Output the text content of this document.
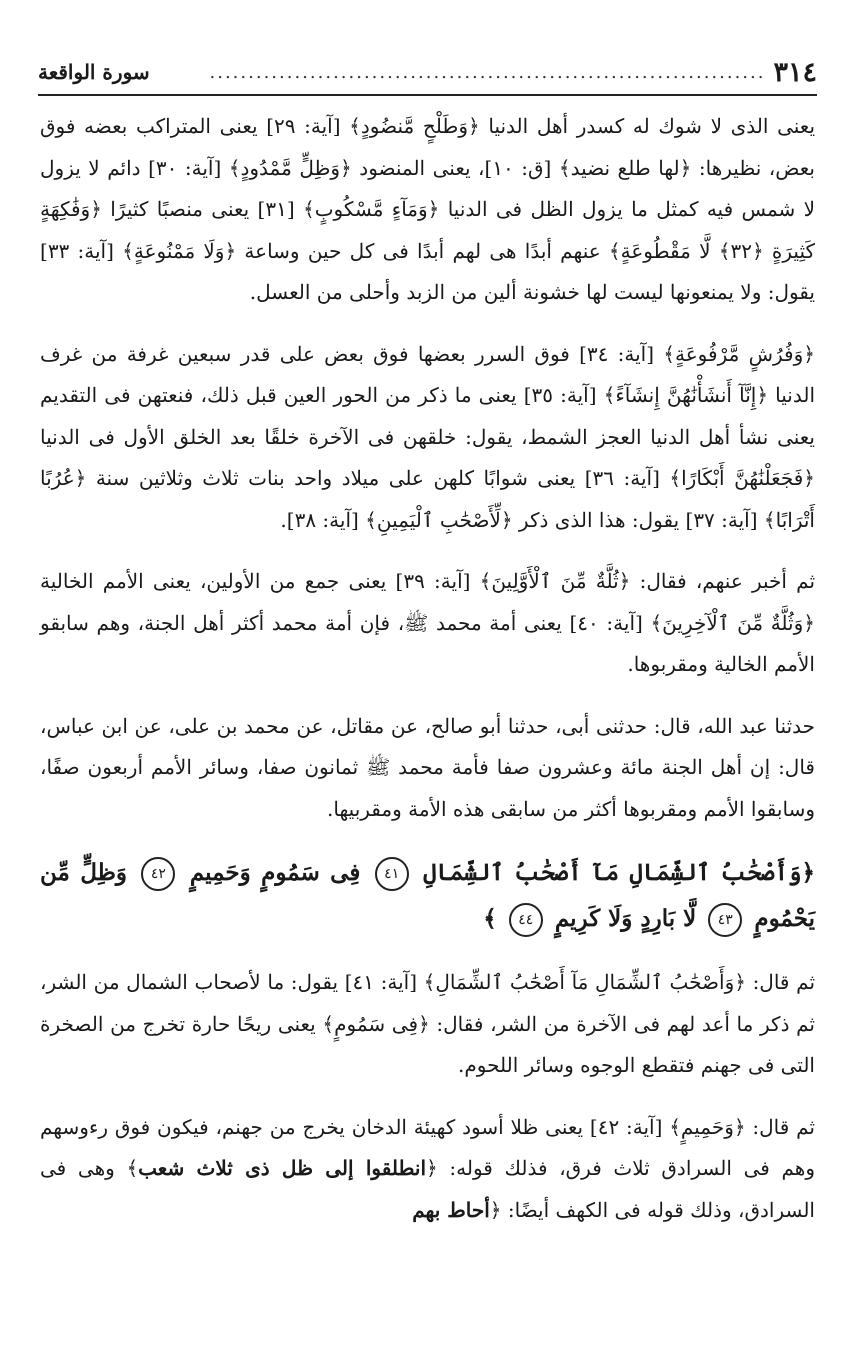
٣١٤
........................................................................
سورة الواقعة

يعنى الذى لا شوك له كسدر أهل الدنيا ﴿وَطَلْحٍ مَّنضُودٍ﴾ [آية: ٢٩] يعنى المتراكب بعضه فوق بعض، نظيرها: ﴿لها طلع نضيد﴾ [ق: ١٠]، يعنى المنضود ﴿وَظِلٍّ مَّمْدُودٍ﴾ [آية: ٣٠] دائم لا يزول لا شمس فيه كمثل ما يزول الظل فى الدنيا ﴿وَمَآءٍ مَّسْكُوبٍ﴾ [٣١] يعنى منصبًا كثيرًا ﴿وَفَٰكِهَةٍ كَثِيرَةٍ ﴿٣٢﴾ لَّا مَقْطُوعَةٍ﴾ عنهم أبدًا هى لهم أبدًا فى كل حين وساعة ﴿وَلَا مَمْنُوعَةٍ﴾ [آية: ٣٣] يقول: ولا يمنعونها ليست لها خشونة ألين من الزبد وأحلى من العسل.

﴿وَفُرُشٍ مَّرْفُوعَةٍ﴾ [آية: ٣٤] فوق السرر بعضها فوق بعض على قدر سبعين غرفة من غرف الدنيا ﴿إِنَّآ أَنشَأْنَٰهُنَّ إِنشَآءً﴾ [آية: ٣٥] يعنى ما ذكر من الحور العين قبل ذلك، فنعتهن فى التقديم يعنى نشأ أهل الدنيا العجز الشمط، يقول: خلقهن فى الآخرة خلقًا بعد الخلق الأول فى الدنيا ﴿فَجَعَلْنَٰهُنَّ أَبْكَارًا﴾ [آية: ٣٦] يعنى شوابًا كلهن على ميلاد واحد بنات ثلاث وثلاثين سنة ﴿عُرُبًا أَتْرَابًا﴾ [آية: ٣٧] يقول: هذا الذى ذكر ﴿لِّأَصْحَٰبِ ٱلْيَمِينِ﴾ [آية: ٣٨].

ثم أخبر عنهم، فقال: ﴿ثُلَّةٌ مِّنَ ٱلْأَوَّلِينَ﴾ [آية: ٣٩] يعنى جمع من الأولين، يعنى الأمم الخالية ﴿وَثُلَّةٌ مِّنَ ٱلْآخِرِينَ﴾ [آية: ٤٠] يعنى أمة محمد ﷺ، فإن أمة محمد أكثر أهل الجنة، وهم سابقو الأمم الخالية ومقربوها.

حدثنا عبد الله، قال: حدثنى أبى، حدثنا أبو صالح، عن مقاتل، عن محمد بن على، عن ابن عباس، قال: إن أهل الجنة مائة وعشرون صفا فأمة محمد ﷺ ثمانون صفا، وسائر الأمم أربعون صفًا، وسابقوا الأمم ومقربوها أكثر من سابقى هذه الأمة ومقربيها.

﴿وَأَصْحَٰبُ ٱلشِّمَالِ مَآ أَصْحَٰبُ ٱلشِّمَالِ ٤١ فِى سَمُومٍ وَحَمِيمٍ ٤٢ وَظِلٍّ مِّن يَحْمُومٍ ٤٣ لَّا بَارِدٍ وَلَا كَرِيمٍ ٤٤ ﴾

ثم قال: ﴿وَأَصْحَٰبُ ٱلشِّمَالِ مَآ أَصْحَٰبُ ٱلشِّمَالِ﴾ [آية: ٤١] يقول: ما لأصحاب الشمال من الشر، ثم ذكر ما أعد لهم فى الآخرة من الشر، فقال: ﴿فِى سَمُومٍ﴾ يعنى ريحًا حارة تخرج من الصخرة التى فى جهنم فتقطع الوجوه وسائر اللحوم.

ثم قال: ﴿وَحَمِيمٍ﴾ [آية: ٤٢] يعنى ظلا أسود كهيئة الدخان يخرج من جهنم، فيكون فوق رءوسهم وهم فى السرادق ثلاث فرق، فذلك قوله: ﴿انطلقوا إلى ظل ذى ثلاث شعب﴾ وهى فى السرادق، وذلك قوله فى الكهف أيضًا: ﴿أحاط بهم
